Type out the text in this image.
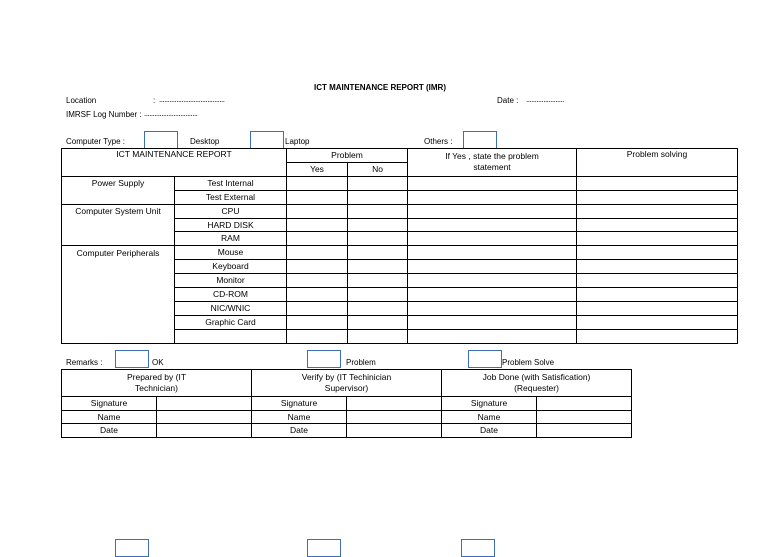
ICT MAINTENANCE REPORT (IMR)
Location	: ......................................	Date : ......................
IMRSF Log Number : ...............................
Computer Type :	Desktop	Laptop	Others :
ICT MAINTENANCE REPORT		Problem		If Yes , state the problem statement	Problem solving
		Yes	No		
Power Supply	Test Internal				
	Test External				
Computer System Unit	CPU				
	HARD DISK				
	RAM				
Computer Peripherals	Mouse				
	Keyboard				
	Monitor				
	CD-ROM				
	NIC/WNIC				
	Graphic Card				

Remarks :	OK	Problem	Problem Solve
Prepared by (IT Technician)		Verify by (IT Techinician Supervisor)		Job Done (with Satisfication) (Requester)	
Signature		Signature		Signature	
Name		Name		Name	
Date		Date		Date	
